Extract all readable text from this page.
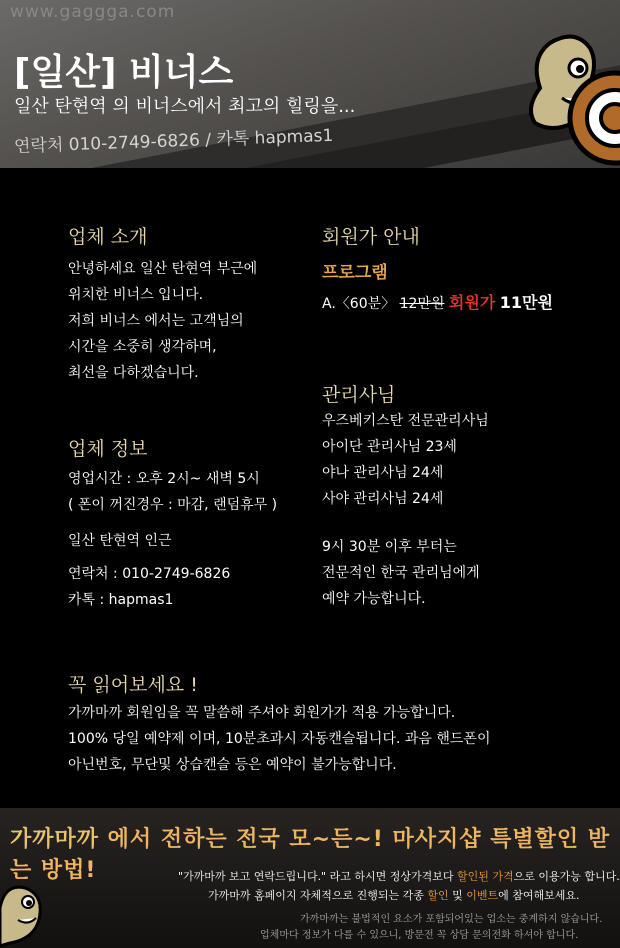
www.gaggga.com
[일산] 비너스
일산 탄현역 의 비너스에서 최고의 힐링을...
연락처 010-2749-6826 / 카톡 hapmas1
업체 소개
안녕하세요 일산 탄현역 부근에
위치한 비너스 입니다.
저희 비너스 에서는 고객님의
시간을 소중히 생각하며,
최선을 다하겠습니다.
업체 정보
영업시간 : 오후 2시~ 새벽 5시
( 폰이 꺼진경우 : 마감, 랜덤휴무 )
일산 탄현역 인근
연락처 : 010-2749-6826
카톡 : hapmas1
회원가 안내
프로그램
A.〈60분〉 12만원 회원가 11만원
관리사님
우즈베키스탄 전문관리사님
아이단 관리사님 23세
야나 관리사님 24세
사야 관리사님 24세
9시 30분 이후 부터는
전문적인 한국 관리님에게
예약 가능합니다.
꼭 읽어보세요 !
가까마까 회원임을 꼭 말씀해 주셔야 회원가가 적용 가능합니다.
100% 당일 예약제 이며, 10분초과시 자동캔슬됩니다. 과음 핸드폰이
아닌번호, 무단및 상습캔슬 등은 예약이 불가능합니다.
가까마까 에서 전하는 전국 모~든~! 마사지샵 특별할인 받는 방법!	"가까마까 보고 연락드립니다." 라고 하시면 정상가격보다 할인된 가격으로 이용가능 합니다.
가까마까 홈페이지 자체적으로 진행되는 각종 할인 및 이벤트에 참여해보세요.
가까마까는 불법적인 요소가 포함되어있는 업소는 중계하지 않습니다.
업체마다 정보가 다를 수 있으니, 방문전 꼭 상담 문의전화 하셔야 합니다.
